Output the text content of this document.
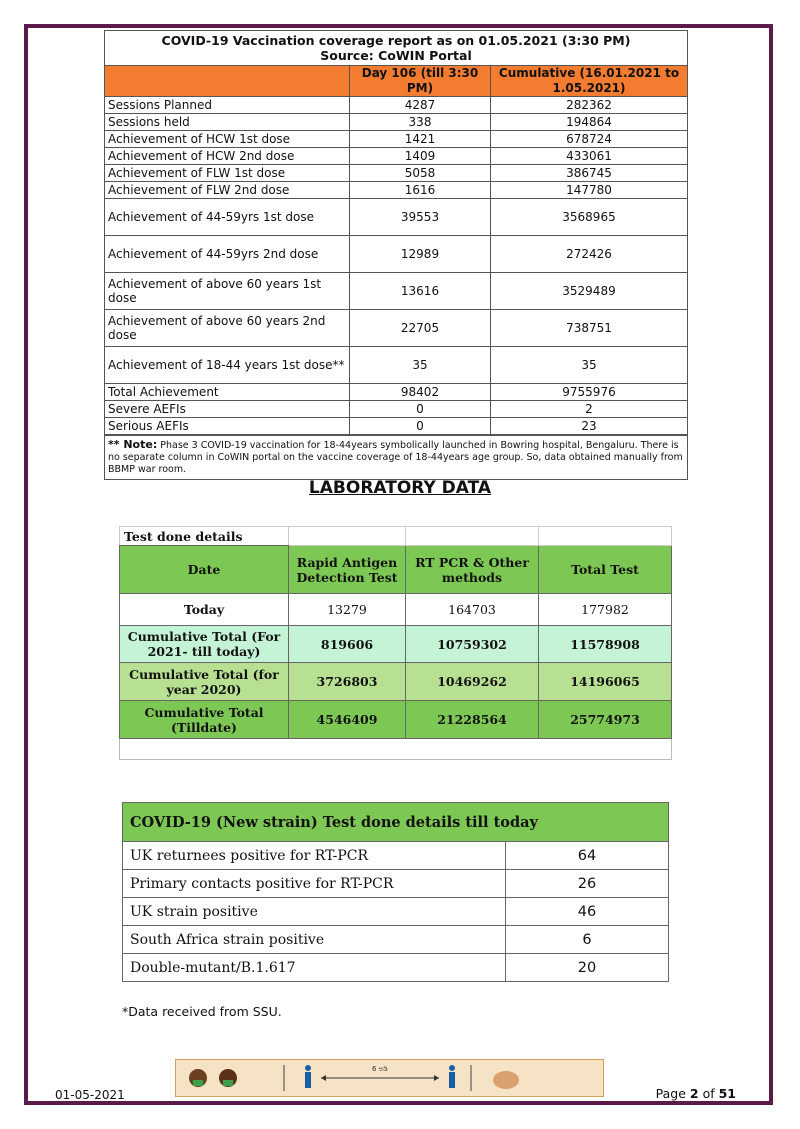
COVID-19 Vaccination coverage report as on 01.05.2021 (3:30 PM)
Source: CoWIN Portal		
	Day 106 (till 3:30 PM)	Cumulative (16.01.2021 to 1.05.2021)
Sessions Planned	4287	282362
Sessions held	338	194864
Achievement of HCW 1st dose	1421	678724
Achievement of HCW 2nd dose	1409	433061
Achievement of FLW 1st dose	5058	386745
Achievement of FLW 2nd dose	1616	147780
Achievement of 44-59yrs 1st dose	39553	3568965
Achievement of 44-59yrs 2nd dose	12989	272426
Achievement of above 60 years 1st dose	13616	3529489
Achievement of above 60 years 2nd dose	22705	738751
Achievement of 18-44 years 1st dose**	35	35
Total Achievement	98402	9755976
Severe AEFIs	0	2
Serious AEFIs	0	23
** Note: Phase 3 COVID-19 vaccination for 18-44years symbolically launched in Bowring hospital, Bengaluru. There is no separate column in CoWIN portal on the vaccine coverage of 18-44years age group. So, data obtained manually from BBMP war room.		
LABORATORY DATA
Test done details			
Date	Rapid Antigen Detection Test	RT PCR & Other methods	Total Test
Today	13279	164703	177982
Cumulative Total (For 2021- till today)	819606	10759302	11578908
Cumulative Total (for year 2020)	3726803	10469262	14196065
Cumulative Total (Tilldate)	4546409	21228564	25774973

COVID-19 (New strain) Test done details till today	
UK returnees positive for RT-PCR	64
Primary contacts positive for RT-PCR	26
UK strain positive	46
South Africa strain positive	6
Double-mutant/B.1.617	20
*Data received from SSU.
6 ಅಡಿ
01-05-2021	Page 2 of 51
